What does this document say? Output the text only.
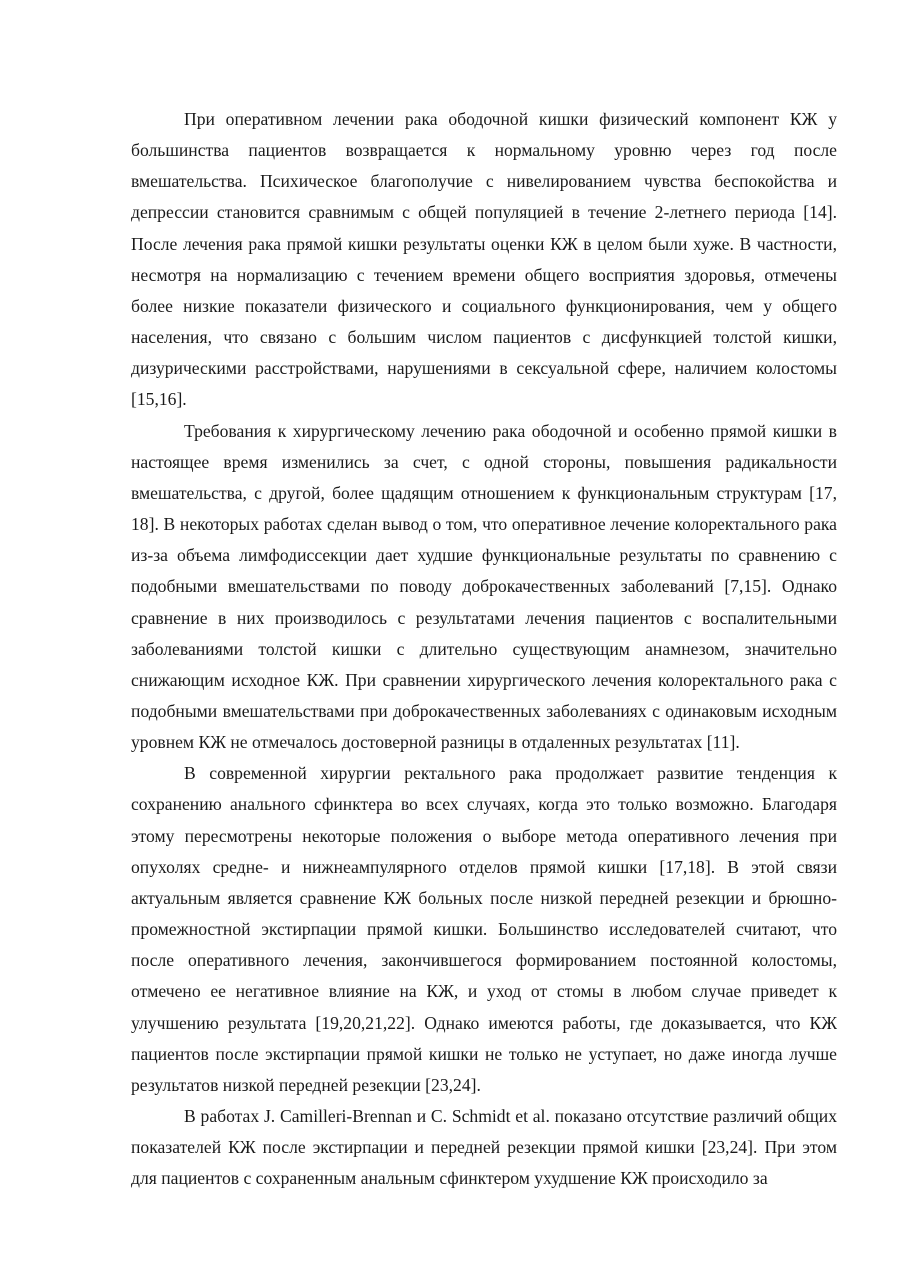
При оперативном лечении рака ободочной кишки физический компонент КЖ у большинства пациентов возвращается к нормальному уровню через год после вмешательства. Психическое благополучие с нивелированием чувства беспокойства и депрессии становится сравнимым с общей популяцией в течение 2-летнего периода [14]. После лечения рака прямой кишки результаты оценки КЖ в целом были хуже. В частности, несмотря на нормализацию с течением времени общего восприятия здоровья, отмечены более низкие показатели физического и социального функционирования, чем у общего населения, что связано с большим числом пациентов с дисфункцией толстой кишки, дизурическими расстройствами, нарушениями в сексуальной сфере, наличием колостомы [15,16].

Требования к хирургическому лечению рака ободочной и особенно прямой кишки в настоящее время изменились за счет, с одной стороны, повышения радикальности вмешательства, с другой, более щадящим отношением к функциональным структурам [17, 18]. В некоторых работах сделан вывод о том, что оперативное лечение колоректального рака из-за объема лимфодиссекции дает худшие функциональные результаты по сравнению с подобными вмешательствами по поводу доброкачественных заболеваний [7,15]. Однако сравнение в них производилось с результатами лечения пациентов с воспалительными заболеваниями толстой кишки с длительно существующим анамнезом, значительно снижающим исходное КЖ. При сравнении хирургического лечения колоректального рака с подобными вмешательствами при доброкачественных заболеваниях с одинаковым исходным уровнем КЖ не отмечалось достоверной разницы в отдаленных результатах [11].

В современной хирургии ректального рака продолжает развитие тенденция к сохранению анального сфинктера во всех случаях, когда это только возможно. Благодаря этому пересмотрены некоторые положения о выборе метода оперативного лечения при опухолях средне- и нижнеампулярного отделов прямой кишки [17,18]. В этой связи актуальным является сравнение КЖ больных после низкой передней резекции и брюшно-промежностной экстирпации прямой кишки. Большинство исследователей считают, что после оперативного лечения, закончившегося формированием постоянной колостомы, отмечено ее негативное влияние на КЖ, и уход от стомы в любом случае приведет к улучшению результата [19,20,21,22]. Однако имеются работы, где доказывается, что КЖ пациентов после экстирпации прямой кишки не только не уступает, но даже иногда лучше результатов низкой передней резекции [23,24].

В работах J. Camilleri-Brennan и C. Schmidt et al. показано отсутствие различий общих показателей КЖ после экстирпации и передней резекции прямой кишки [23,24]. При этом для пациентов с сохраненным анальным сфинктером ухудшение КЖ происходило за
